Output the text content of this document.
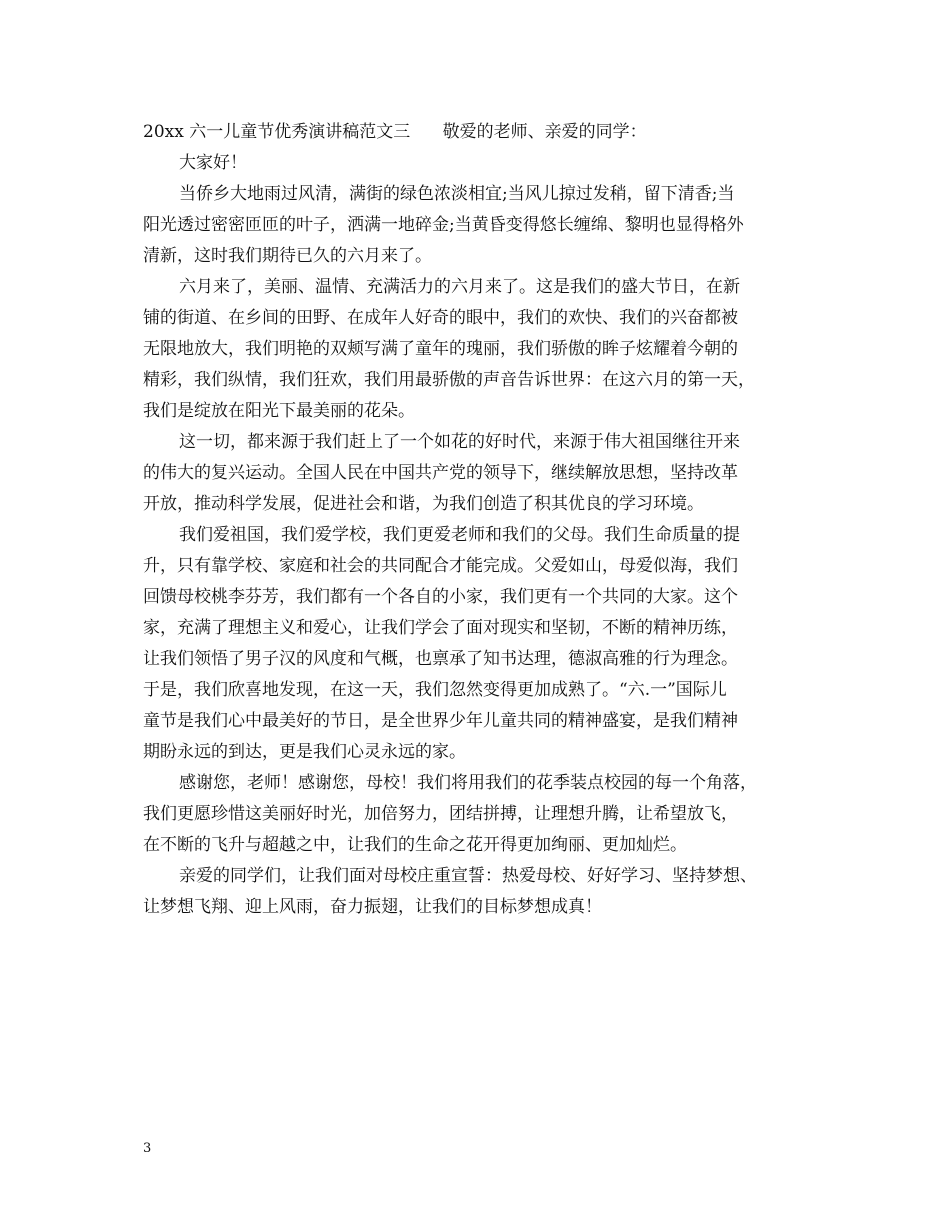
20xx 六一儿童节优秀演讲稿范文三      敬爱的老师、亲爱的同学：
大家好！
当侨乡大地雨过风清，满街的绿色浓淡相宜;当风儿掠过发稍，留下清香;当
阳光透过密密匝匝的叶子，洒满一地碎金;当黄昏变得悠长缠绵、黎明也显得格外
清新，这时我们期待已久的六月来了。
六月来了，美丽、温情、充满活力的六月来了。这是我们的盛大节日，在新
铺的街道、在乡间的田野、在成年人好奇的眼中，我们的欢快、我们的兴奋都被
无限地放大，我们明艳的双颊写满了童年的瑰丽，我们骄傲的眸子炫耀着今朝的
精彩，我们纵情，我们狂欢，我们用最骄傲的声音告诉世界：在这六月的第一天，
我们是绽放在阳光下最美丽的花朵。
这一切，都来源于我们赶上了一个如花的好时代，来源于伟大祖国继往开来
的伟大的复兴运动。全国人民在中国共产党的领导下，继续解放思想，坚持改革
开放，推动科学发展，促进社会和谐，为我们创造了积其优良的学习环境。
我们爱祖国，我们爱学校，我们更爱老师和我们的父母。我们生命质量的提
升，只有靠学校、家庭和社会的共同配合才能完成。父爱如山，母爱似海，我们
回馈母校桃李芬芳，我们都有一个各自的小家，我们更有一个共同的大家。这个
家，充满了理想主义和爱心，让我们学会了面对现实和坚韧，不断的精神历练，
让我们领悟了男子汉的风度和气概，也禀承了知书达理，德淑高雅的行为理念。
于是，我们欣喜地发现，在这一天，我们忽然变得更加成熟了。“六.一”国际儿
童节是我们心中最美好的节日，是全世界少年儿童共同的精神盛宴，是我们精神
期盼永远的到达，更是我们心灵永远的家。
感谢您，老师！感谢您，母校！我们将用我们的花季装点校园的每一个角落，
我们更愿珍惜这美丽好时光，加倍努力，团结拼搏，让理想升腾，让希望放飞，
在不断的飞升与超越之中，让我们的生命之花开得更加绚丽、更加灿烂。
亲爱的同学们，让我们面对母校庄重宣誓：热爱母校、好好学习、坚持梦想、
让梦想飞翔、迎上风雨，奋力振翅，让我们的目标梦想成真！
3
